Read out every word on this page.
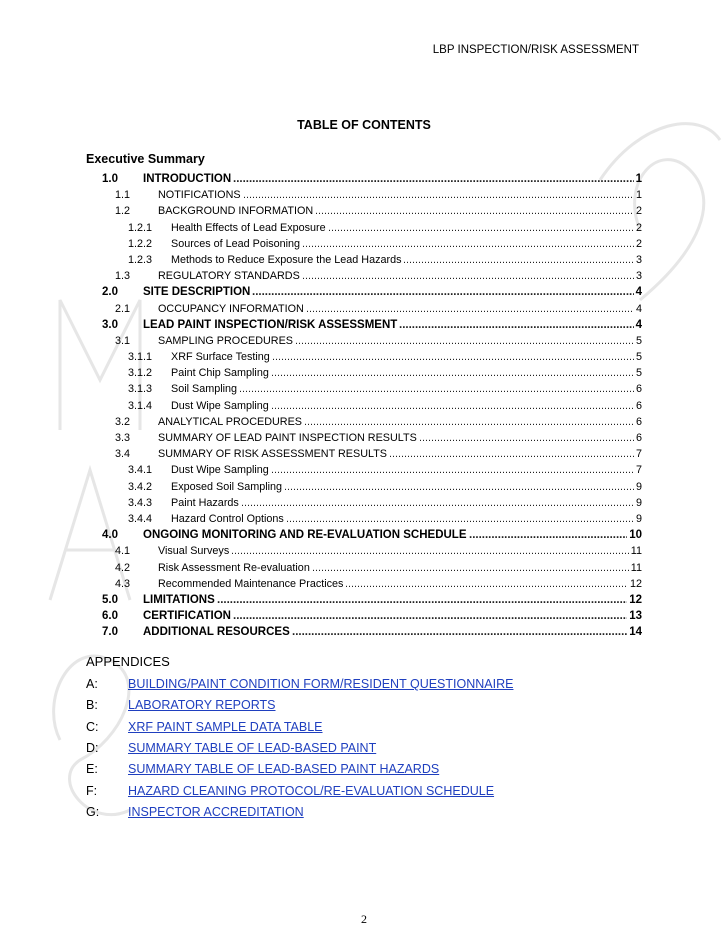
LBP INSPECTION/RISK ASSESSMENT
TABLE OF CONTENTS
Executive Summary
1.0 INTRODUCTION .....	1
1.1	NOTIFICATIONS .....	1
1.2	BACKGROUND INFORMATION .....	2
1.2.1 Health Effects of Lead Exposure .....	2
1.2.2 Sources of Lead Poisoning .....	2
1.2.3 Methods to Reduce Exposure the Lead Hazards .....	3
1.3	REGULATORY STANDARDS .....	3
2.0 SITE DESCRIPTION .....	4
2.1	OCCUPANCY INFORMATION .....	4
3.0 LEAD PAINT INSPECTION/RISK ASSESSMENT .....	4
3.1	SAMPLING PROCEDURES .....	5
3.1.1 XRF Surface Testing .....	5
3.1.2 Paint Chip Sampling .....	5
3.1.3 Soil Sampling .....	6
3.1.4 Dust Wipe Sampling .....	6
3.2	ANALYTICAL PROCEDURES .....	6
3.3	SUMMARY OF LEAD PAINT INSPECTION RESULTS .....	6
3.4	SUMMARY OF RISK ASSESSMENT RESULTS .....	7
3.4.1 Dust Wipe Sampling .....	7
3.4.2 Exposed Soil Sampling .....	9
3.4.3 Paint Hazards .....	9
3.4.4 Hazard Control Options .....	9
4.0 ONGOING MONITORING AND RE-EVALUATION SCHEDULE .....	10
4.1	Visual Surveys .....	11
4.2	Risk Assessment Re-evaluation .....	11
4.3	Recommended Maintenance Practices .....	12
5.0 LIMITATIONS .....	12
6.0 CERTIFICATION .....	13
7.0 ADDITIONAL RESOURCES .....	14
APPENDICES
A: BUILDING/PAINT CONDITION FORM/RESIDENT QUESTIONNAIRE
B: LABORATORY REPORTS
C: XRF PAINT SAMPLE DATA TABLE
D: SUMMARY TABLE OF LEAD-BASED PAINT
E: SUMMARY TABLE OF LEAD-BASED PAINT HAZARDS
F: HAZARD CLEANING PROTOCOL/RE-EVALUATION SCHEDULE
G: INSPECTOR ACCREDITATION
2
